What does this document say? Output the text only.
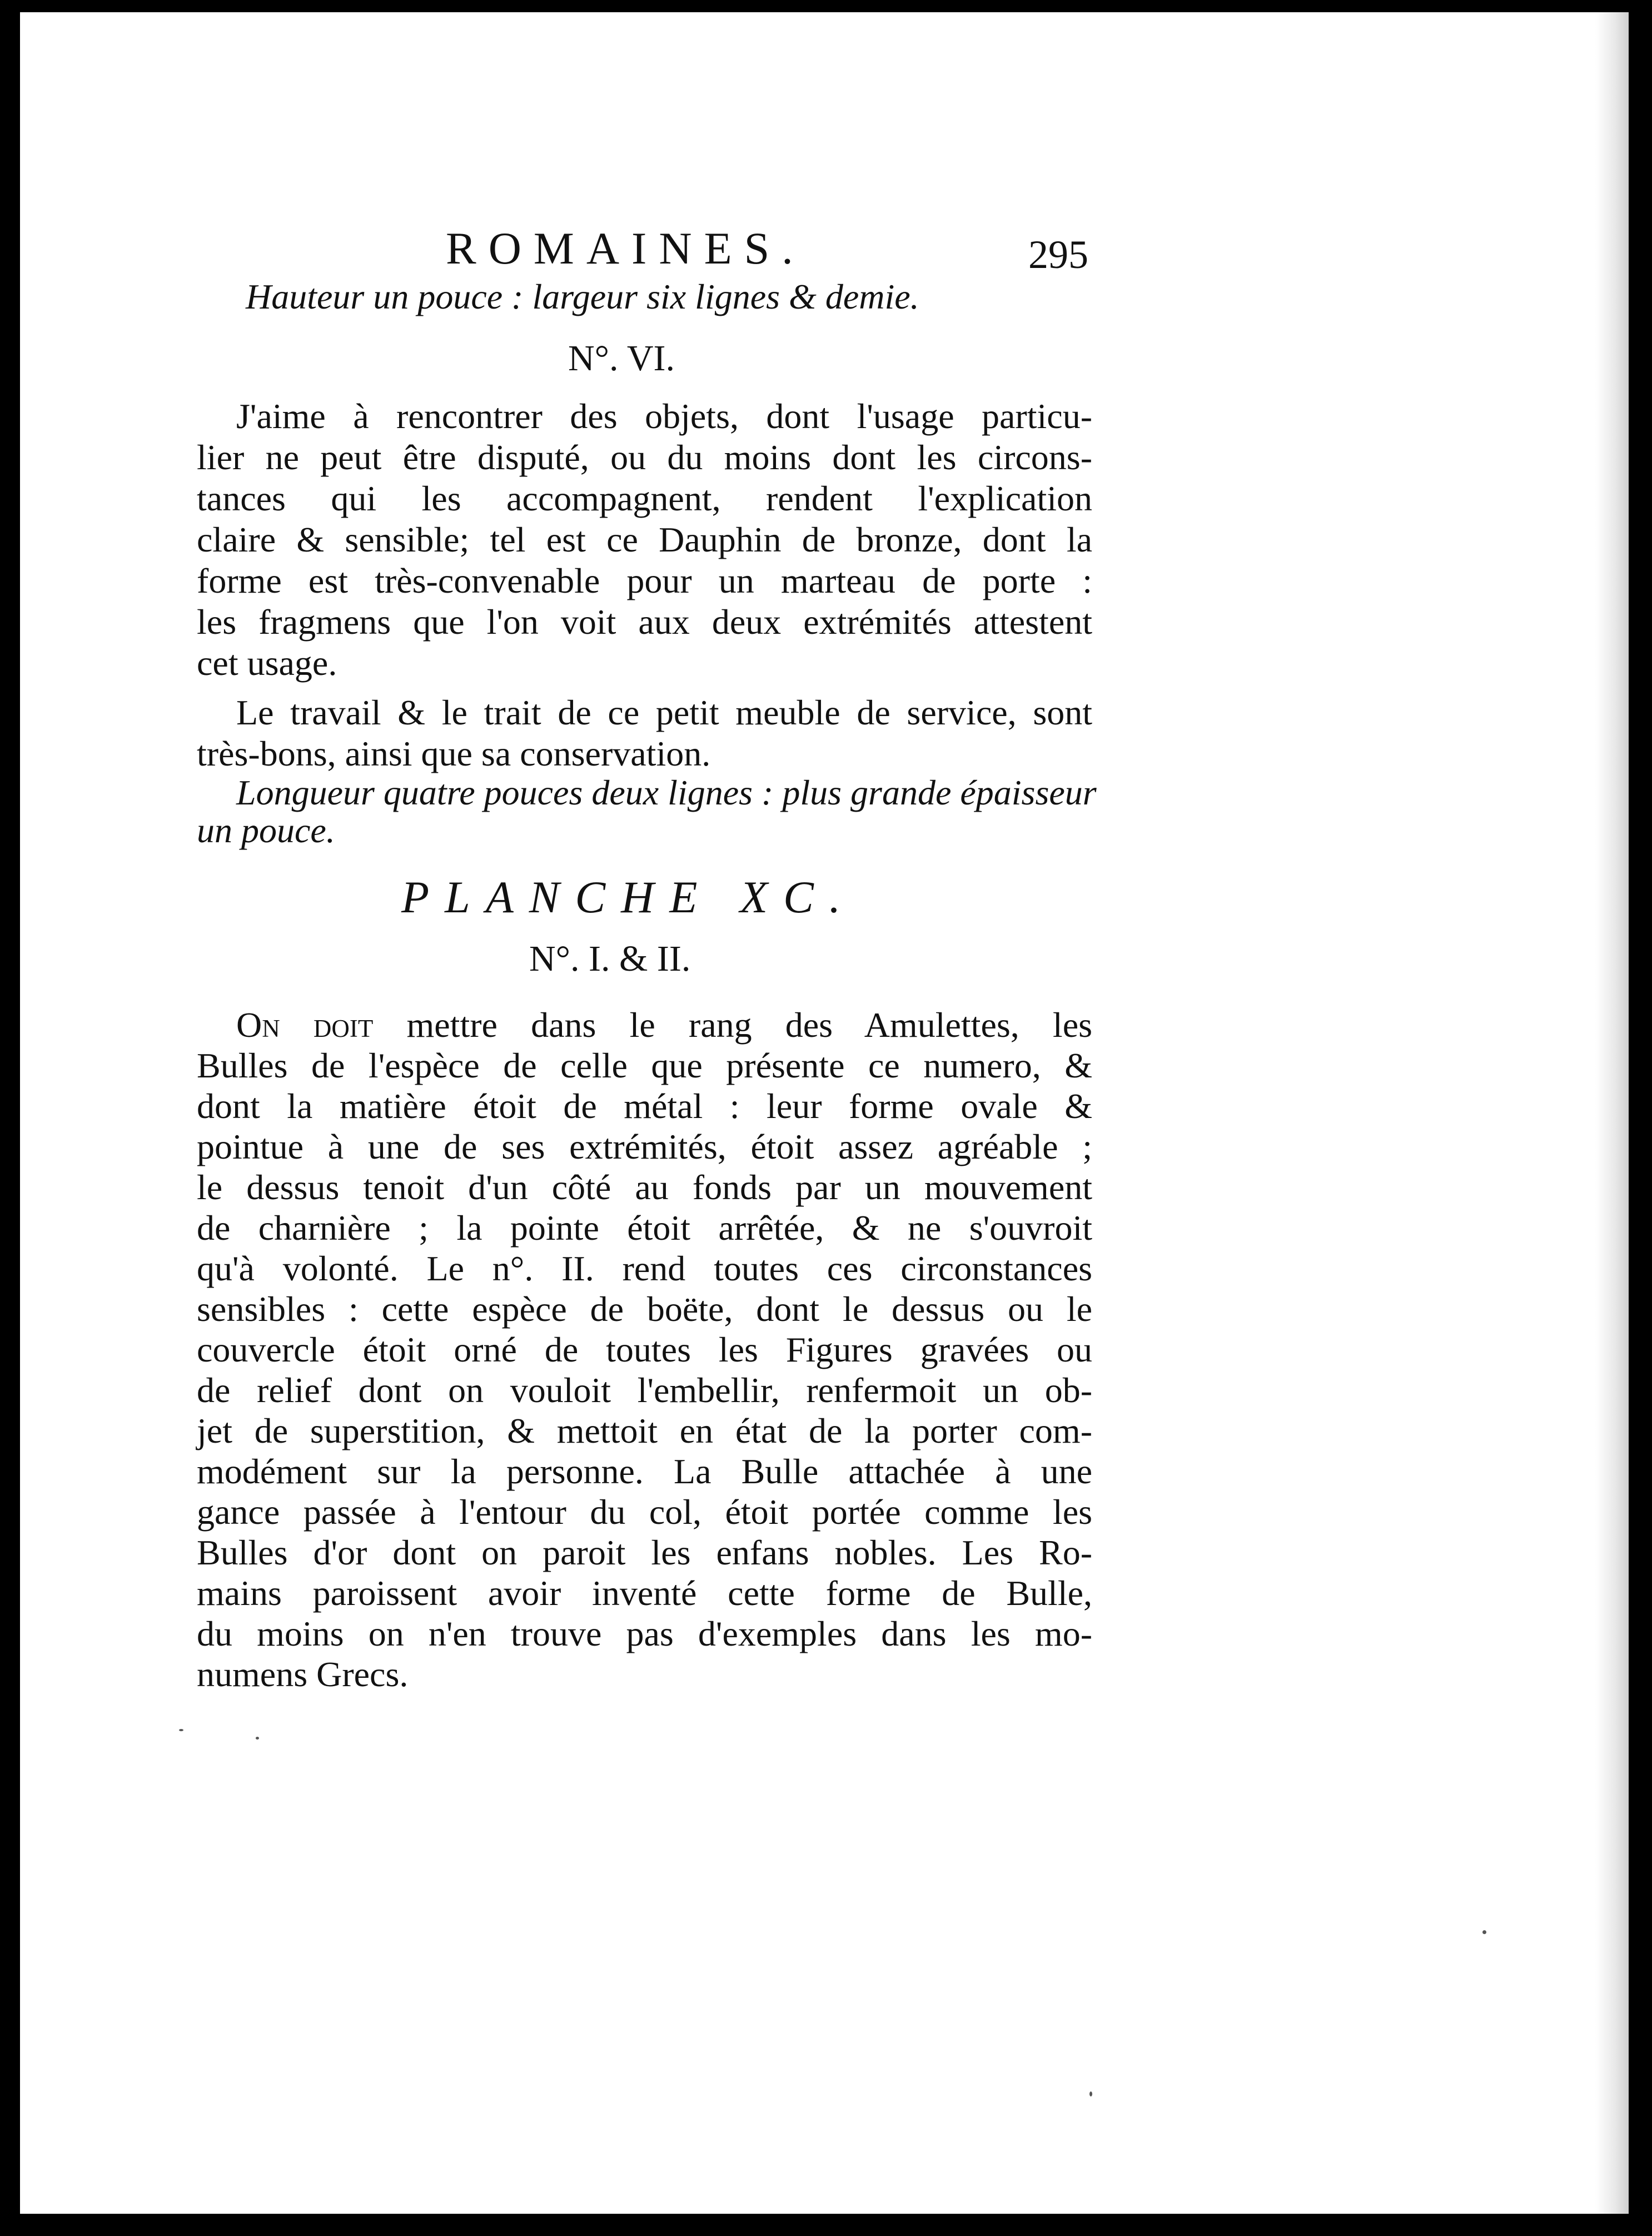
ROMAINES.	295
Hauteur un pouce : largeur six lignes & demie.
N°. VI.
J'aime à rencontrer des objets, dont l'usage particu-
lier ne peut être disputé, ou du moins dont les circons-
tances qui les accompagnent, rendent l'explication
claire & sensible; tel est ce Dauphin de bronze, dont la
forme est très-convenable pour un marteau de porte :
les fragmens que l'on voit aux deux extrémités attestent
cet usage.
Le travail & le trait de ce petit meuble de service, sont
très-bons, ainsi que sa conservation.
Longueur quatre pouces deux lignes : plus grande épaisseur
un pouce.
PLANCHE XC.
N°. I. & II.
On doit mettre dans le rang des Amulettes, les
Bulles de l'espèce de celle que présente ce numero, &
dont la matière étoit de métal : leur forme ovale &
pointue à une de ses extrémités, étoit assez agréable ;
le dessus tenoit d'un côté au fonds par un mouvement
de charnière ; la pointe étoit arrêtée, & ne s'ouvroit
qu'à volonté. Le n°. II. rend toutes ces circonstances
sensibles : cette espèce de boëte, dont le dessus ou le
couvercle étoit orné de toutes les Figures gravées ou
de relief dont on vouloit l'embellir, renfermoit un ob-
jet de superstition, & mettoit en état de la porter com-
modément sur la personne. La Bulle attachée à une
gance passée à l'entour du col, étoit portée comme les
Bulles d'or dont on paroit les enfans nobles. Les Ro-
mains paroissent avoir inventé cette forme de Bulle,
du moins on n'en trouve pas d'exemples dans les mo-
numens Grecs.
